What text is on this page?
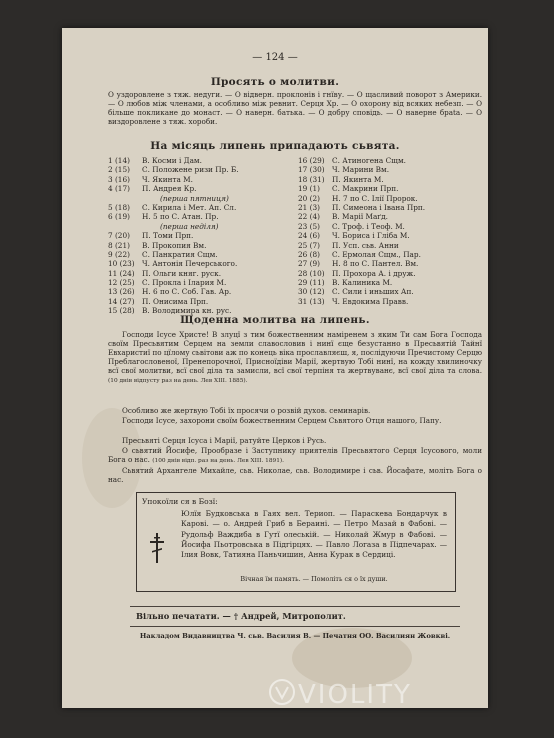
— 124 —
Просять о молитви.
О уздоровлене з тяж. недуги. — О відверн. проклонів і гнїву. — О щасливий поворот з Америки. — О любов між членами, а особливо між ревнит. Серця Хр. — О охорону від всяких небезп. — О більше покликане до монаст. — О наверн. батька. — О добру сповідь. — О наверне браta. — О виздоровлене з тяж. хороби.
На місяць липень припадають сьвята.
1 (14) В. Косми і Дам.
2 (15) С. Положене ризи Пр. Б.
3 (16) Ч. Якинта М.
4 (17) П. Андрея Кр.
(перша пятниця)
5 (18) С. Кирила і Мет. Ап. Сл.
6 (19) Н. 5 по С. Атан. Пр.
(перша неділя)
7 (20) П. Томи Прп.
8 (21) В. Прокопия Вм.
9 (22) С. Панкратия Сщм.
10 (23) Ч. Антонія Печерського.
11 (24) П. Ольги княг. руск.
12 (25) С. Прокла і Ілария М.
13 (26) Н. 6 по С. Соб. Гав. Ар.
14 (27) П. Онисима Прп.
15 (28) В. Володимира кн. рус.
16 (29) С. Атиногена Сщм.
17 (30) Ч. Марини Вм.
18 (31) П. Якинта М.
19 (1) С. Макрини Прп.
20 (2) Н. 7 по С. Ілії Пророк.
21 (3) П. Симеона і Івана Прп.
22 (4) В. Марії Маґд.
23 (5) С. Троф. і Теоф. М.
24 (6) Ч. Бориса і Гліба М.
25 (7) П. Усп. сьв. Анни
26 (8) С. Ермолая Сщм., Пар.
27 (9) Н. 8 по С. Пантел. Вм.
28 (10) П. Прохора А. і друж.
29 (11) В. Калиника М.
30 (12) С. Сили і иньших Ап.
31 (13) Ч. Евдокима Правв.
Щоденна молитва на липень.
Господи Ісусе Христе! В злуцї з тим божественним наміренем з яким Ти сам Богa Господа своїм Пресьвятим Серцем на земли славословив і нинї єще безустанно в Пресьвятій Тайнї Евхаристиї по цїлому сьвітови аж по конець віка прославляєш, я, послідуючи Пречистому Серцю Преблагословеної, Пренепорочної, Присноїдіви Марії, жертвую Тобі нинї, на кожду хвилиночку всї свої молитви, всї свої діла та замисли, всї свої терпіня та жертвуванє, всї свої діла та слова. (10 днів відпусту раз на день. Лев XIII. 1885).
Особливо же жертвую Тобі їх просячи о розвій духов. семинарів.
Господи Ісусе, захорони своїм божественним Серцем Сьвятого Отця нашого, Папу.
Пресьвяті Серця Ісуса і Марії, ратуйте Церков і Русь.
О сьвятий Йосифе, Прообразе і Заступнику приятелів Пресьвятого Серця Ісусового, моли Бога о нас. (100 днів відп. раз на день. Лев XIII. 1891).
Сьвятий Архангеле Михайле, сьв. Николае, сьв. Володимире і сьв. Йосафате, моліть Бога о нас.
Упокоїли ся в Бозї:
Юлїя Будковська в Гаях вел. Териоп. — Параскева Бондарчук в Карові. — о. Андрей Гриб в Бераині. — Петро Мазай в Фабові. — Рудольф Важдиба в Гутї олеській. — Николай Жмур в Фабові. — Йосифа Пьотровська в Підгірцях. — Павло Логаза в Підпечарах. — Ілия Вовк, Татияна Паньчишин, Анна Курак в Сердиці.
Вічная їм память. — Помоліть ся о їх души.
Вільно печатати. — † Андрей, Митрополит.
Накладом Видавництва Ч. сьв. Василия В. — Печатня ОО. Василиян Жовкві.
VIOLITY
